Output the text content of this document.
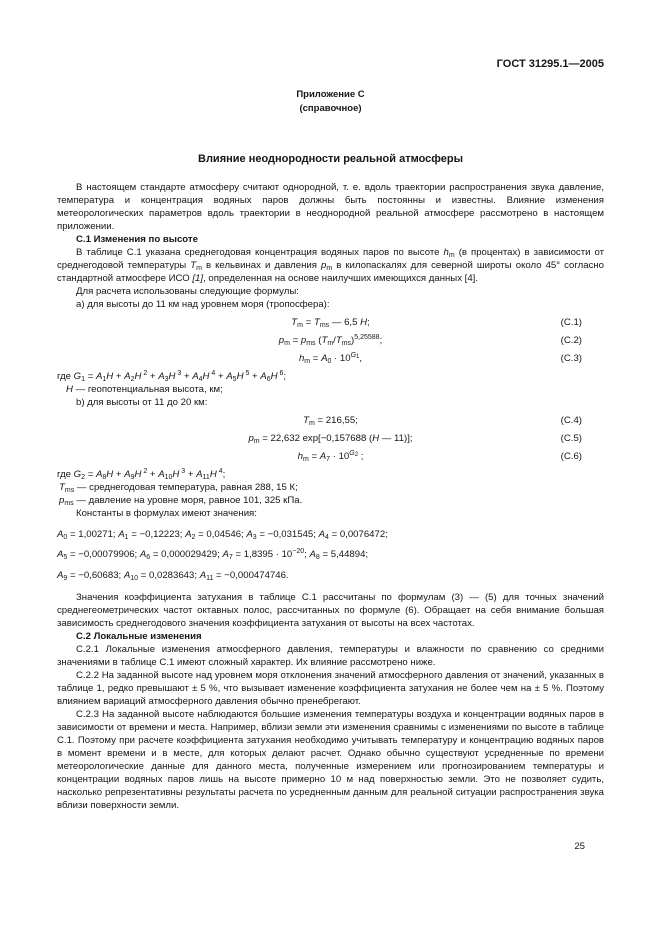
ГОСТ 31295.1—2005
Приложение С
(справочное)
Влияние неоднородности реальной атмосферы

В настоящем стандарте атмосферу считают однородной, т. е. вдоль траектории распространения звука давление, температура и концентрация водяных паров должны быть постоянны и известны. Влияние изменения метеорологических параметров вдоль траектории в неоднородной реальной атмосфере рассмотрено в настоящем приложении.

С.1 Изменения по высоте

В таблице С.1 указана среднегодовая концентрация водяных паров по высоте $h_m$ (в процентах) в зависимости от среднегодовой температуры $T_m$ в кельвинах и давления $p_m$ в килопаскалях для северной широты около 45° согласно стандартной атмосфере ИСО [1], определенная на основе наилучших имеющихся данных [4].

Для расчета использованы следующие формулы:

а) для высоты до 11 км над уровнем моря (тропосфера):

$T_m = T_{ms}$ — 6,5 H;	(С.1)
$p_m = p_{ms}$ $(T_m/T_{ms})^{5,25588}$;	(С.2)
$h_m = A_0 \cdot 10^{G_1}$,	(С.3)

где $G_1 = A_1H + A_2H$ $^2 + A_3H$ $^3 + A_4H$ $^4 + A_5H$ $^5 + A_6H$ $^6$;

H — геопотенциальная высота, км;

b) для высоты от 11 до 20 км:

$T_m = 216,55$;	(С.4)
$p_m = 22,632$ exp[−0,157688 (H — 11)];	(С.5)
$h_m = A_7 \cdot 10^{G_2}$ ;	(С.6)

где $G_2 = A_8H + A_9H$ $^2 + A_{10}H$ $^3 + A_{11}H$ $^4$;

$T_{ms}$ — среднегодовая температура, равная 288, 15 К;

$p_{ms}$ — давление на уровне моря, равное 101, 325 кПа.

Константы в формулах имеют значения:

$A_0 = 1,00271$; $A_1 = -0,12223$; $A_2 = 0,04546$; $A_3 = -0,031545$; $A_4 = 0,0076472$;

$A_5 = -0,00079906$; $A_6 = 0,000029429$; $A_7 = 1,8395 \cdot 10^{-20}$; $A_8 = 5,44894$;

$A_9 = -0,60683$; $A_{10} = 0,0283643$; $A_{11} = -0,000474746$.

Значения коэффициента затухания в таблице С.1 рассчитаны по формулам (3) — (5) для точных значений среднегеометрических частот октавных полос, рассчитанных по формуле (6). Обращает на себя внимание большая зависимость среднегодового значения коэффициента затухания от высоты на всех частотах.

С.2 Локальные изменения

С.2.1 Локальные изменения атмосферного давления, температуры и влажности по сравнению со средними значениями в таблице С.1 имеют сложный характер. Их влияние рассмотрено ниже.

С.2.2 На заданной высоте над уровнем моря отклонения значений атмосферного давления от значений, указанных в таблице 1, редко превышают ± 5 %, что вызывает изменение коэффициента затухания не более чем на ± 5 %. Поэтому влиянием вариаций атмосферного давления обычно пренебрегают.

С.2.3 На заданной высоте наблюдаются большие изменения температуры воздуха и концентрации водяных паров в зависимости от времени и места. Например, вблизи земли эти изменения сравнимы с изменениями по высоте в таблице С.1. Поэтому при расчете коэффициента затухания необходимо учитывать температуру и концентрацию водяных паров в момент времени и в месте, для которых делают расчет. Однако обычно существуют усредненные по времени метеорологические данные для данного места, полученные измерением или прогнозированием температуры и концентрации водяных паров лишь на высоте примерно 10 м над поверхностью земли. Это не позволяет судить, насколько репрезентативны результаты расчета по усредненным данным для реальной ситуации распространения звука вблизи поверхности земли.

25
